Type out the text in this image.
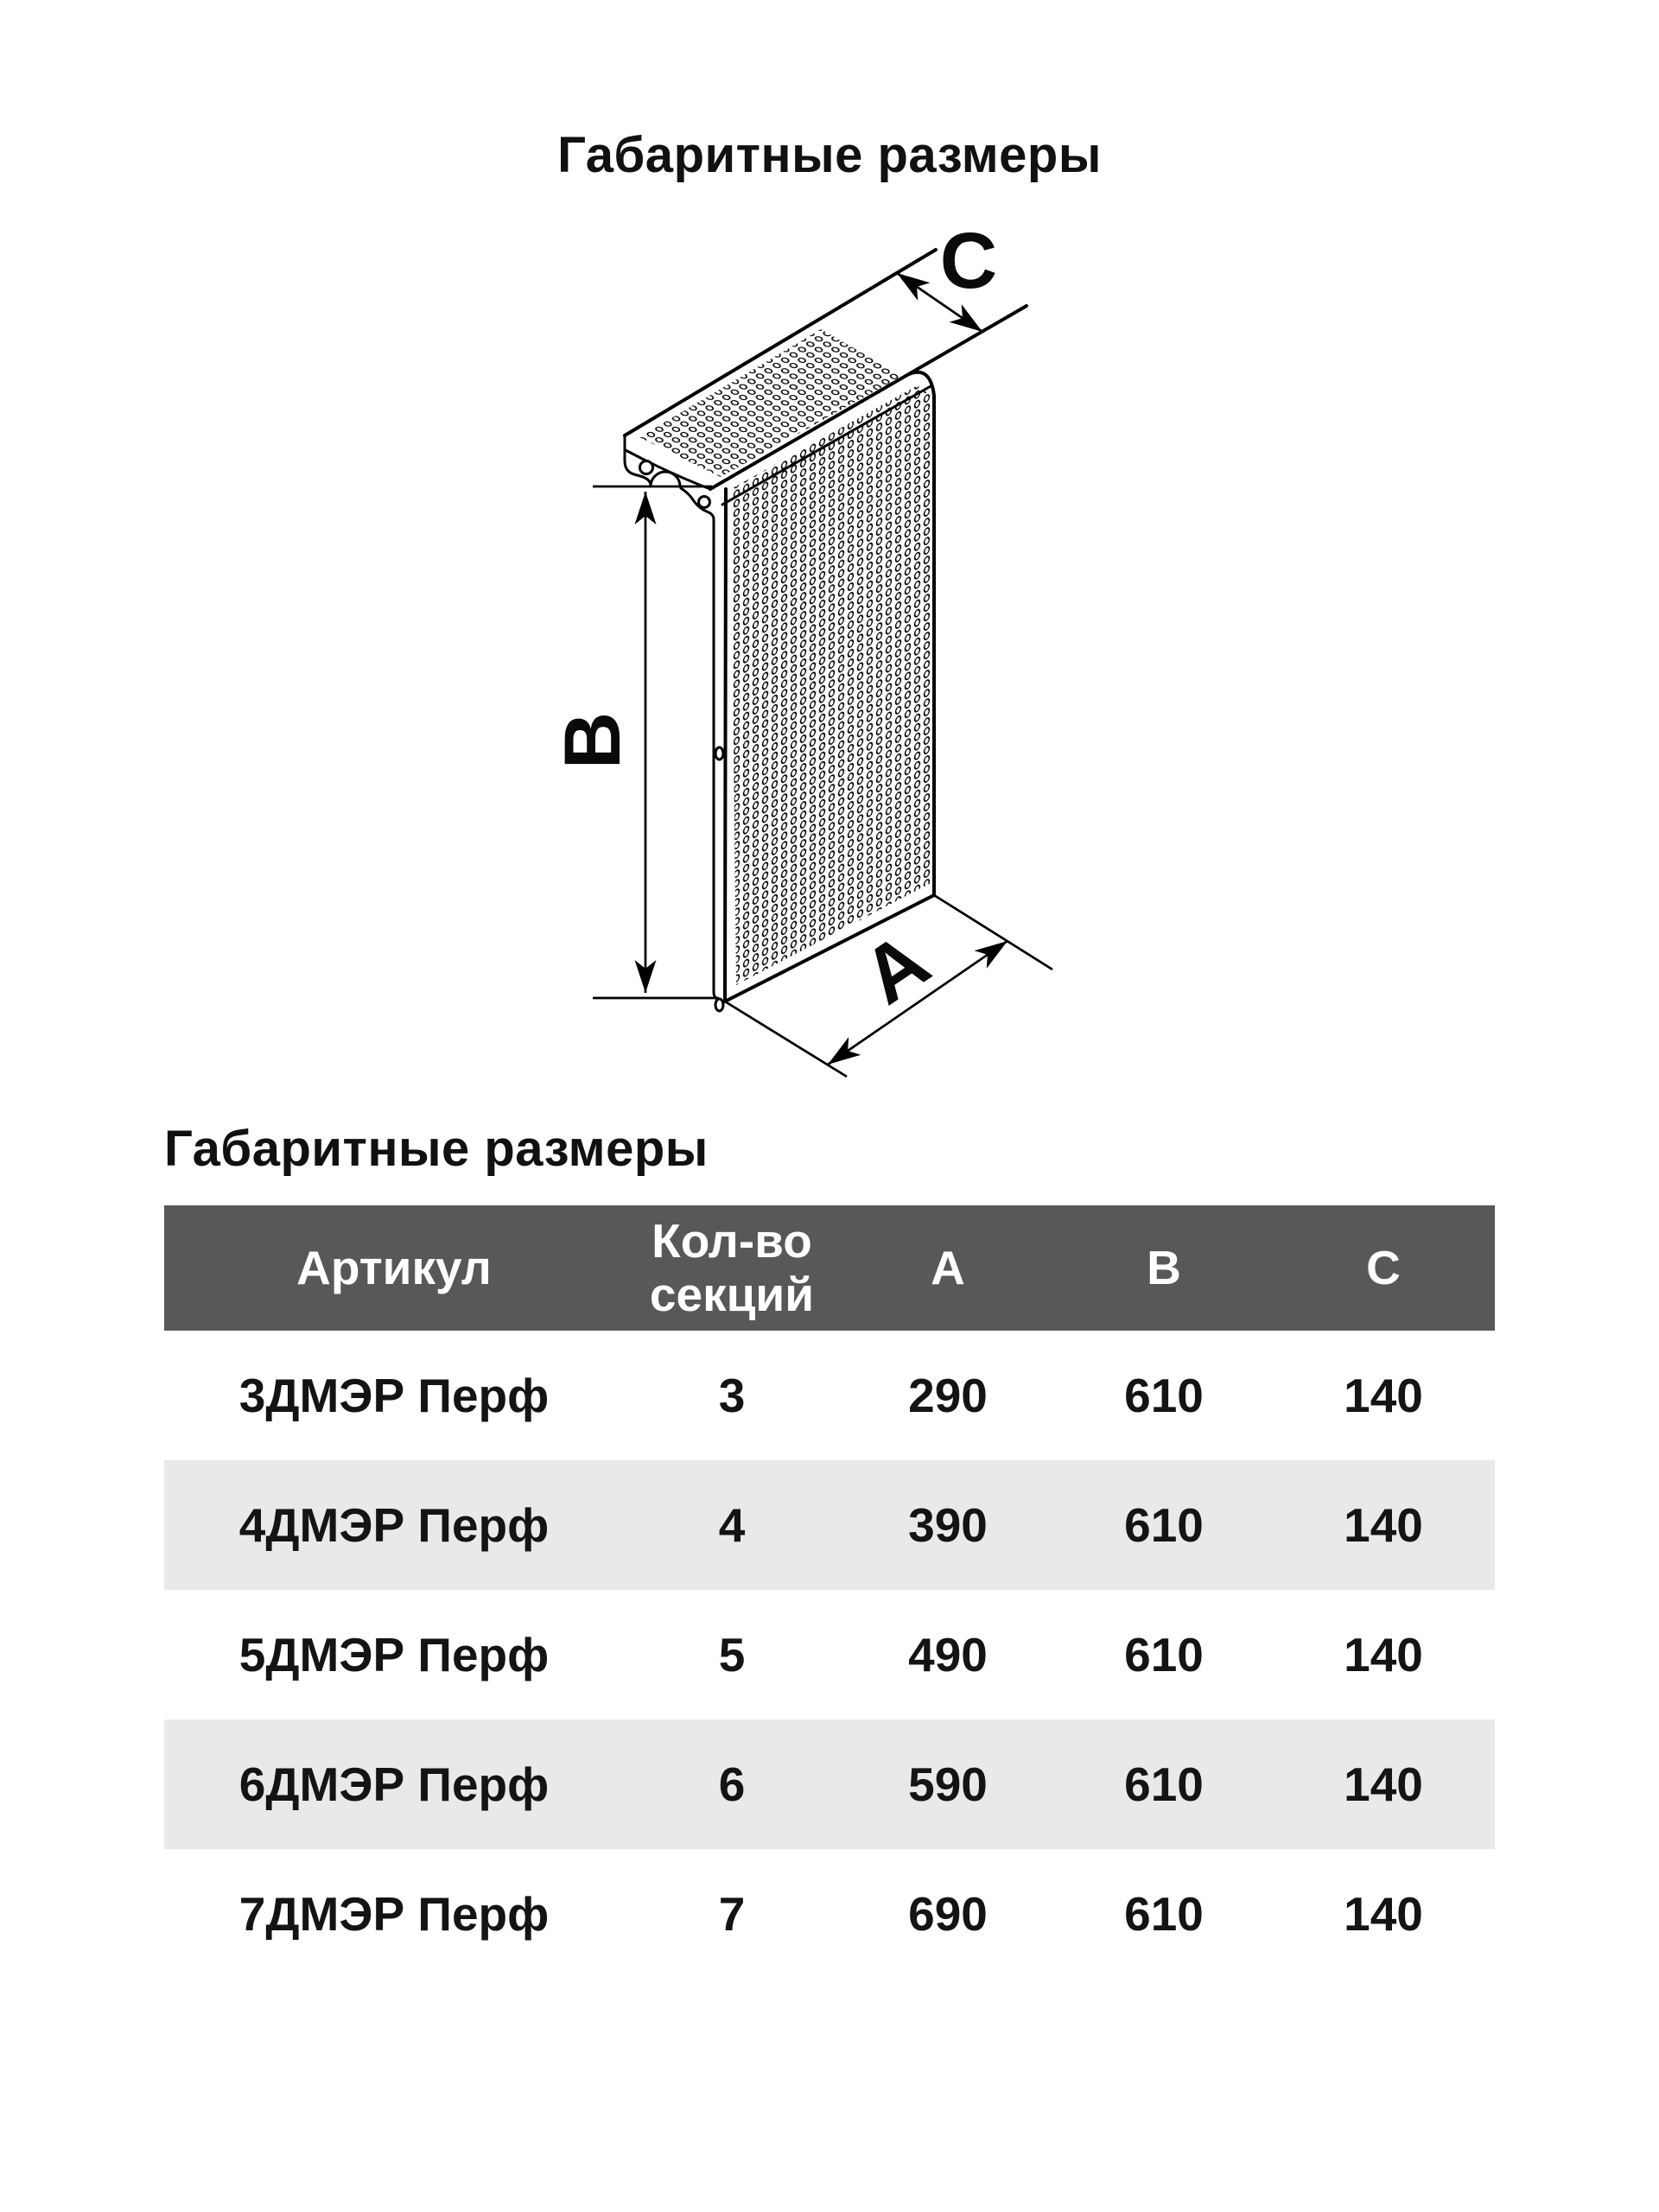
Габаритные размеры
C
B
A
Габаритные размеры
Артикул	Кол-во секций	A	B	C
3ДМЭР Перф	3	290	610	140
4ДМЭР Перф	4	390	610	140
5ДМЭР Перф	5	490	610	140
6ДМЭР Перф	6	590	610	140
7ДМЭР Перф	7	690	610	140
